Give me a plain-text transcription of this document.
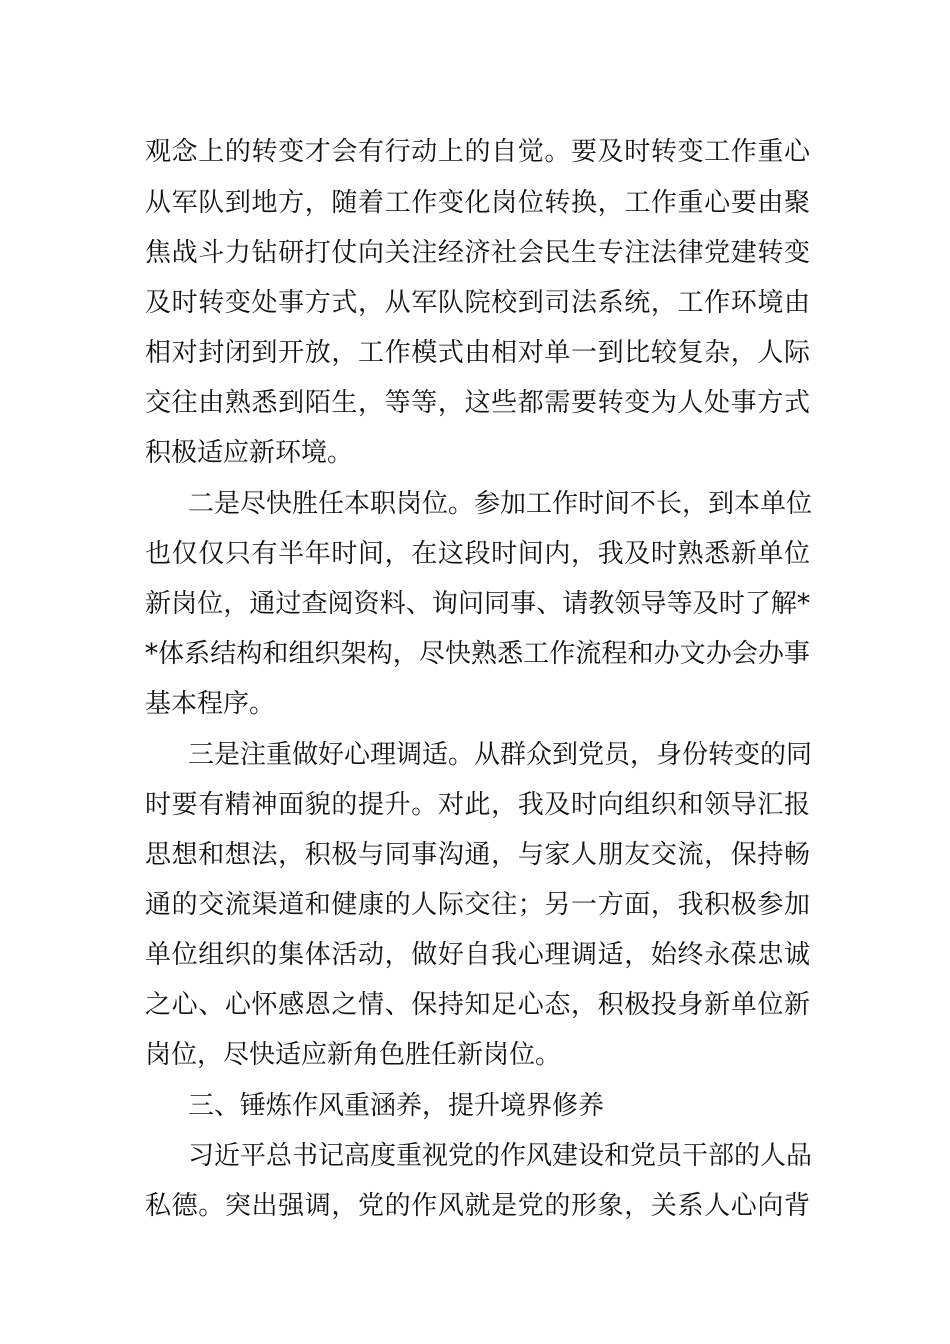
观念上的转变才会有行动上的自觉。要及时转变工作重心

从军队到地方，随着工作变化岗位转换，工作重心要由聚

焦战斗力钻研打仗向关注经济社会民生专注法律党建转变

及时转变处事方式，从军队院校到司法系统，工作环境由

相对封闭到开放，工作模式由相对单一到比较复杂，人际

交往由熟悉到陌生，等等，这些都需要转变为人处事方式

积极适应新环境。

二是尽快胜任本职岗位。参加工作时间不长，到本单位

也仅仅只有半年时间，在这段时间内，我及时熟悉新单位

新岗位，通过查阅资料、询问同事、请教领导等及时了解*

*体系结构和组织架构，尽快熟悉工作流程和办文办会办事

基本程序。

三是注重做好心理调适。从群众到党员，身份转变的同

时要有精神面貌的提升。对此，我及时向组织和领导汇报

思想和想法，积极与同事沟通，与家人朋友交流，保持畅

通的交流渠道和健康的人际交往；另一方面，我积极参加

单位组织的集体活动，做好自我心理调适，始终永葆忠诚

之心、心怀感恩之情、保持知足心态，积极投身新单位新

岗位，尽快适应新角色胜任新岗位。

三、锤炼作风重涵养，提升境界修养

习近平总书记高度重视党的作风建设和党员干部的人品

私德。突出强调，党的作风就是党的形象，关系人心向背
